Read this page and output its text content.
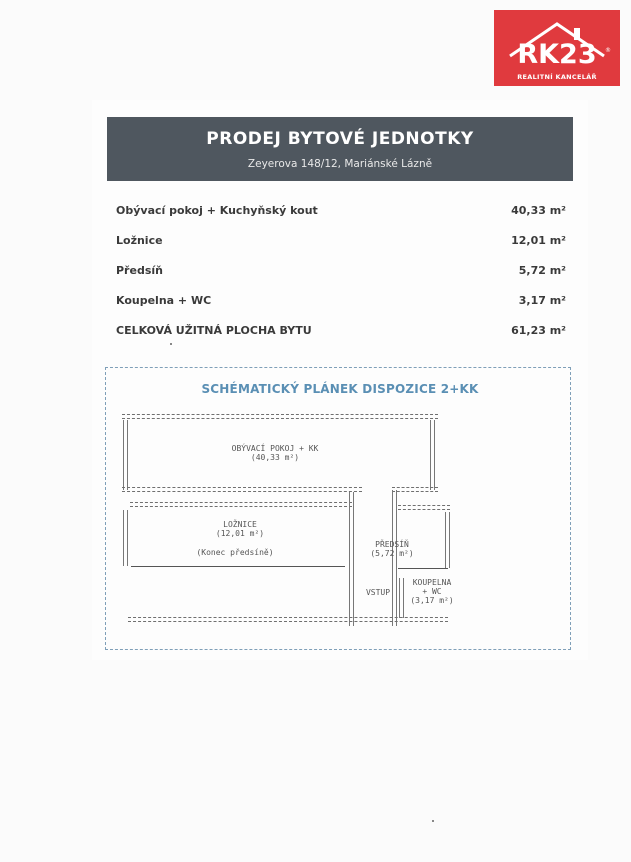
RK23	®
REALITNÍ KANCELÁŘ
PRODEJ BYTOVÉ JEDNOTKY
Zeyerova 148/12, Mariánské Lázně
Obývací pokoj + Kuchyňský kout	40,33 m²
Ložnice	12,01 m²
Předsíň	5,72 m²
Koupelna + WC	3,17 m²
CELKOVÁ UŽITNÁ PLOCHA BYTU	61,23 m²
SCHÉMATICKÝ PLÁNEK DISPOZICE 2+KK
OBÝVACÍ POKOJ + KK
(40,33 m²)
LOŽNICE
(12,01 m²)
(Konec předsíně)
PŘEDSÍŇ
(5,72 m²)
KOUPELNA
+ WC
(3,17 m²)
VSTUP
